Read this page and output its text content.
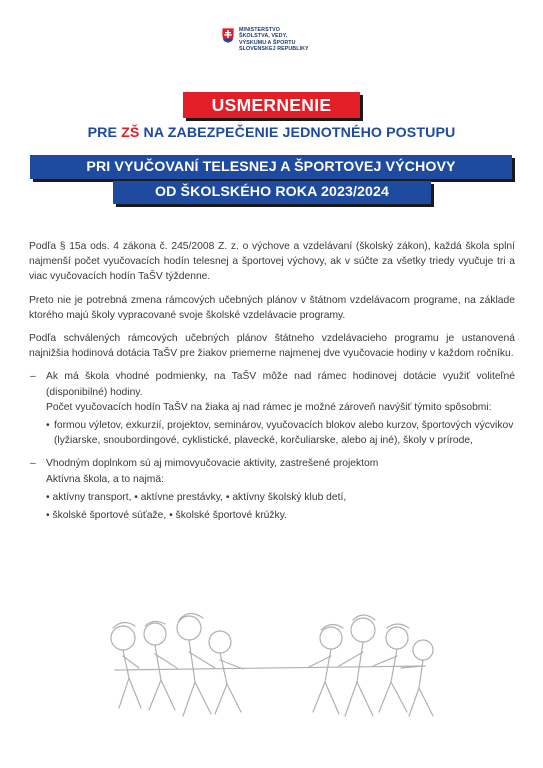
MINISTERSTVO
ŠKOLSTVA, VEDY,
VÝSKUMU A ŠPORTU
SLOVENSKEJ REPUBLIKY
USMERNENIE
PRE ZŠ NA ZABEZPEČENIE JEDNOTNÉHO POSTUPU
PRI VYUČOVANÍ TELESNEJ A ŠPORTOVEJ VÝCHOVY
OD ŠKOLSKÉHO ROKA 2023/2024

Podľa § 15a ods. 4 zákona č. 245/2008 Z. z. o výchove a vzdelávaní (školský zákon), každá škola splní najmenší počet vyučovacích hodín telesnej a športovej výchovy, ak v súčte za všetky triedy vyučuje tri a viac vyučovacích hodín TaŠV týždenne.

Preto nie je potrebná zmena rámcových učebných plánov v štátnom vzdelávacom programe, na základe ktorého majú školy vypracované svoje školské vzdelávacie programy.

Podľa schválených rámcových učebných plánov štátneho vzdelávacieho programu je ustanovená najnižšia hodinová dotácia TaŠV pre žiakov priemerne najmenej dve vyučovacie hodiny v každom ročníku.

– Ak má škola vhodné podmienky, na TaŠV môže nad rámec hodinovej dotácie využiť voliteľné (disponibilné) hodiny.

Počet vyučovacích hodín TaŠV na žiaka aj nad rámec je možné zároveň navýšiť týmito spôsobmi:

• formou výletov, exkurzií, projektov, seminárov, vyučovacích blokov alebo kurzov, športových výcvikov (lyžiarske, snoubordingové, cyklistické, plavecké, korčuliarske, alebo aj iné), školy v prírode,
– Vhodným doplnkom sú aj mimovyučovacie aktivity, zastrešené projektom

Aktívna škola, a to najmä:

• aktívny transport, • aktívne prestávky, • aktívny školský klub detí,
• školské športové súťaže, • školské športové krúžky.
